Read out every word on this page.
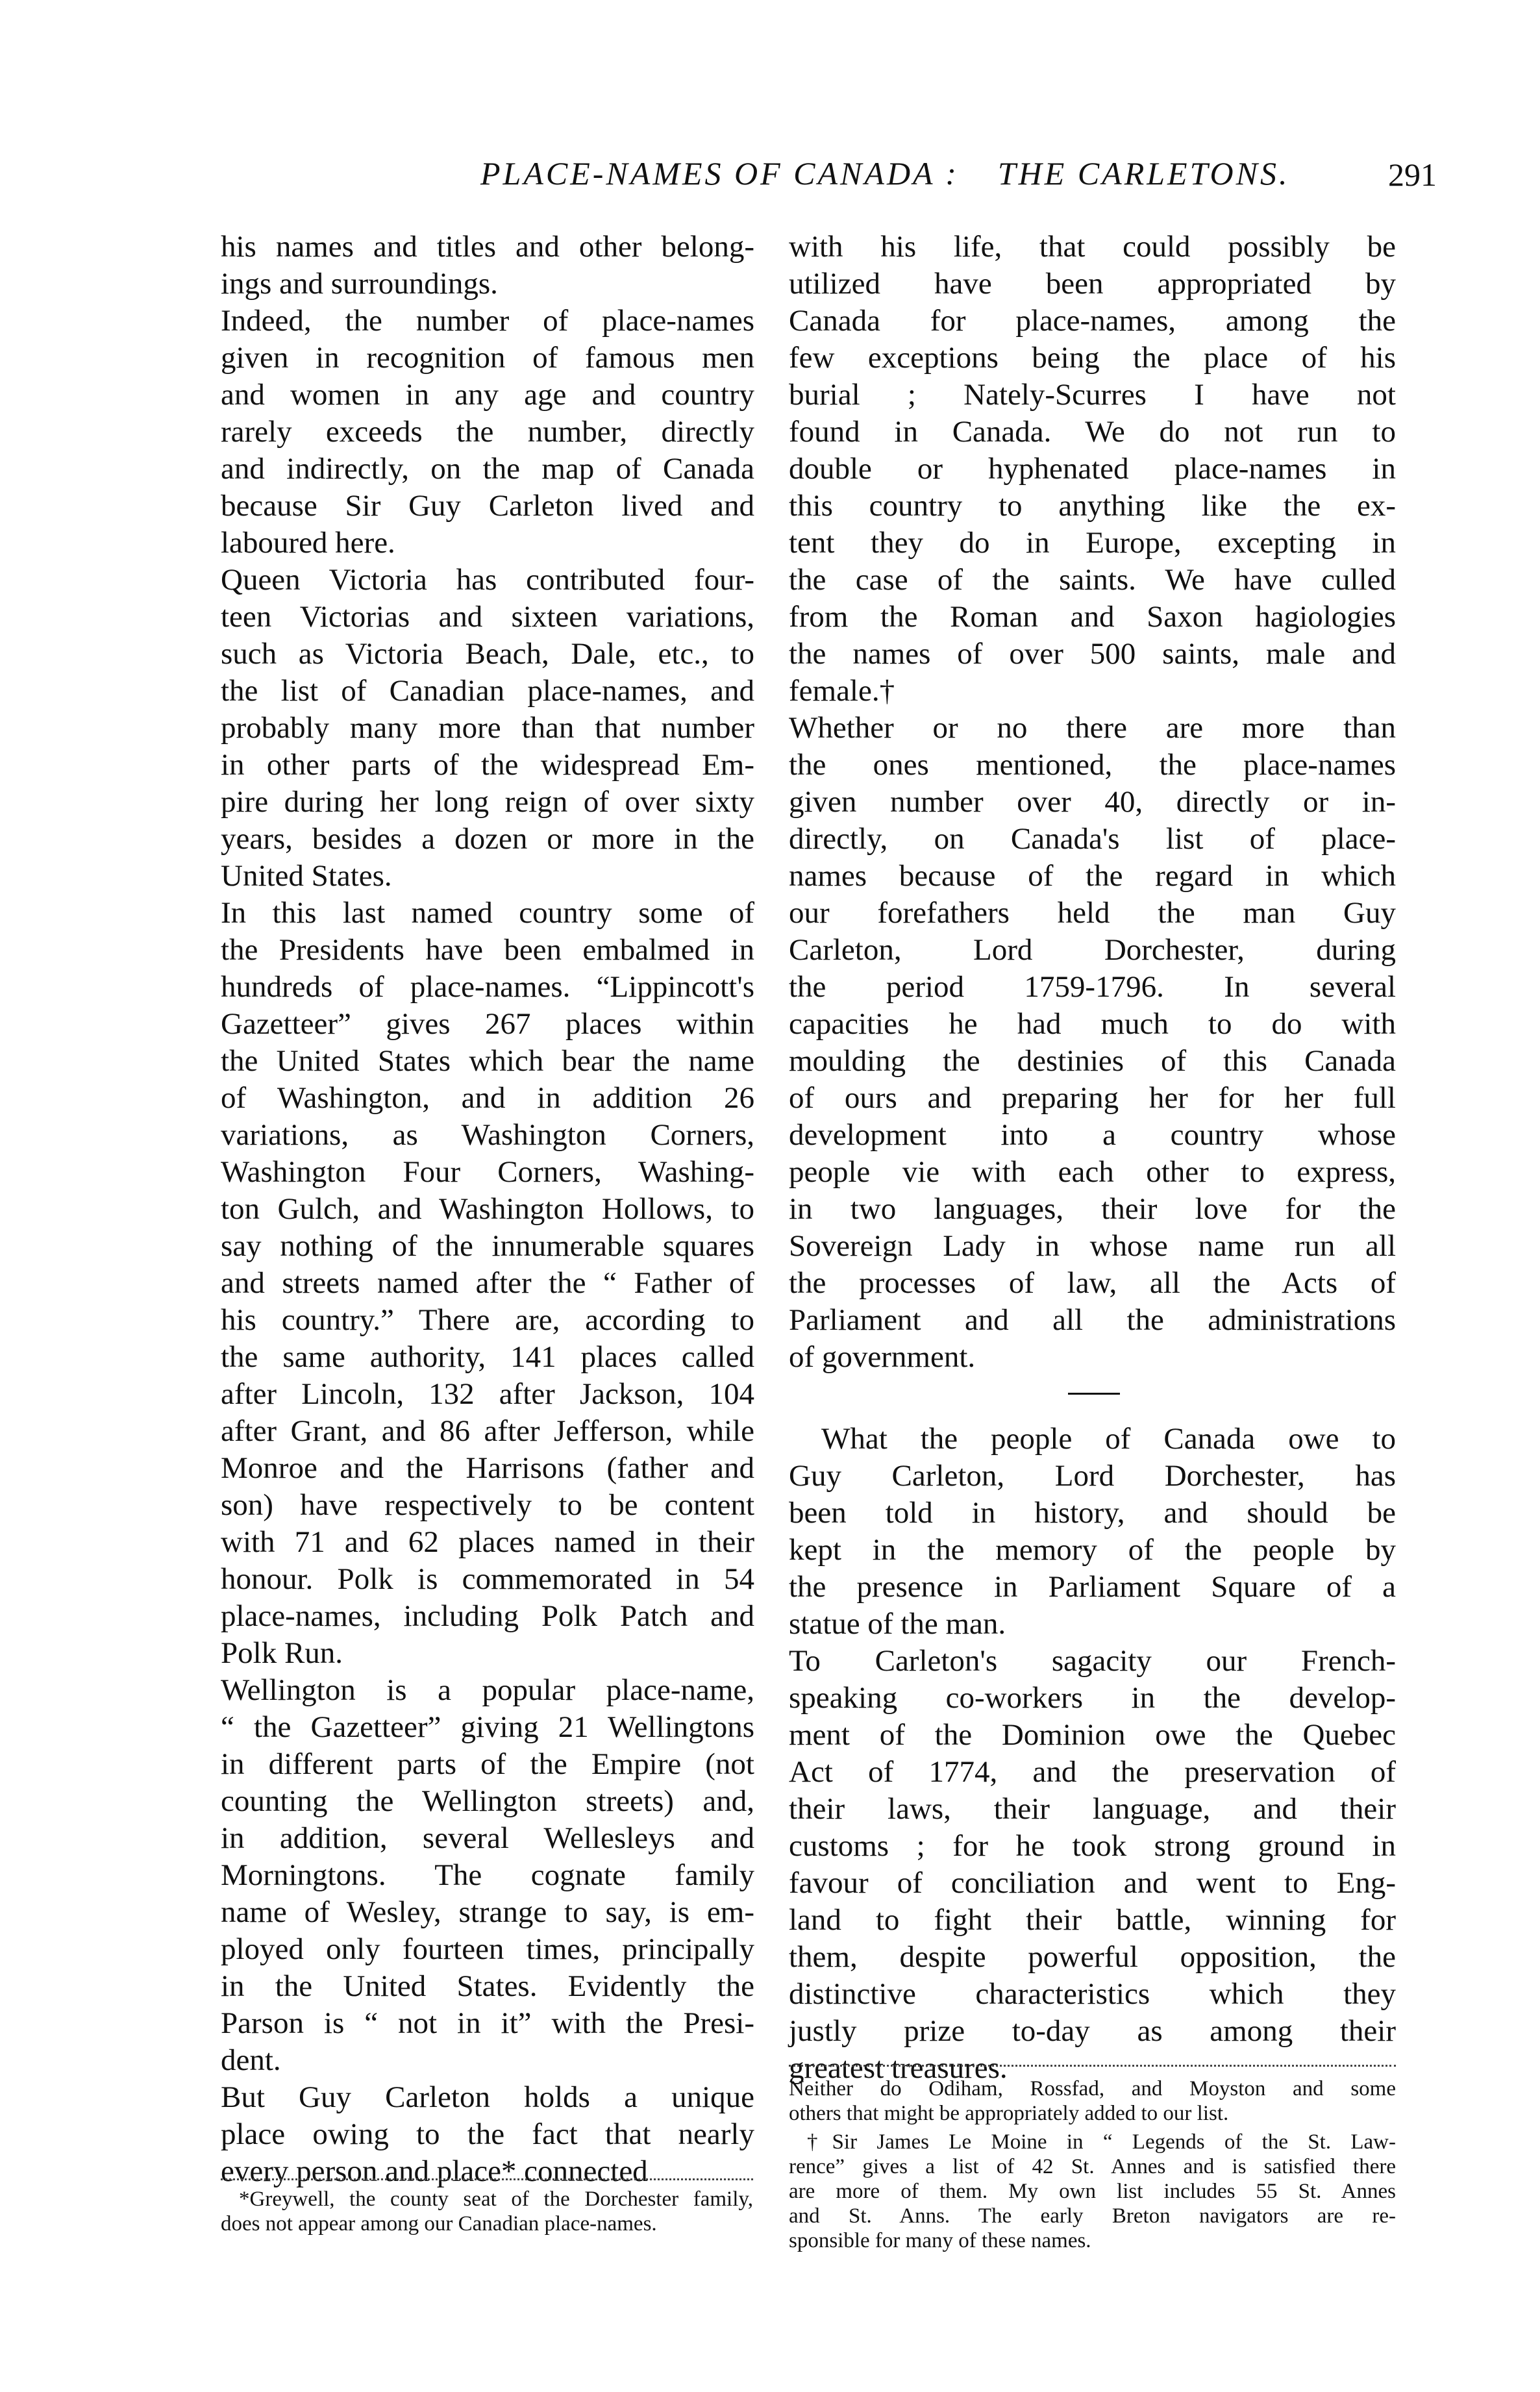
PLACE-NAMES OF CANADA : THE CARLETONS.	291
his names and titles and other belong-
ings and surroundings.
Indeed, the number of place-names
given in recognition of famous men
and women in any age and country
rarely exceeds the number, directly
and indirectly, on the map of Canada
because Sir Guy Carleton lived and
laboured here.
Queen Victoria has contributed four-
teen Victorias and sixteen variations,
such as Victoria Beach, Dale, etc., to
the list of Canadian place-names, and
probably many more than that number
in other parts of the widespread Em-
pire during her long reign of over sixty
years, besides a dozen or more in the
United States.
In this last named country some of
the Presidents have been embalmed in
hundreds of place-names. “Lippincott's
Gazetteer” gives 267 places within
the United States which bear the name
of Washington, and in addition 26
variations, as Washington Corners,
Washington Four Corners, Washing-
ton Gulch, and Washington Hollows, to
say nothing of the innumerable squares
and streets named after the “ Father of
his country.” There are, according to
the same authority, 141 places called
after Lincoln, 132 after Jackson, 104
after Grant, and 86 after Jefferson, while
Monroe and the Harrisons (father and
son) have respectively to be content
with 71 and 62 places named in their
honour. Polk is commemorated in 54
place-names, including Polk Patch and
Polk Run.
Wellington is a popular place-name,
“ the Gazetteer” giving 21 Wellingtons
in different parts of the Empire (not
counting the Wellington streets) and,
in addition, several Wellesleys and
Morningtons. The cognate family
name of Wesley, strange to say, is em-
ployed only fourteen times, principally
in the United States. Evidently the
Parson is “ not in it” with the Presi-
dent.
But Guy Carleton holds a unique
place owing to the fact that nearly
every person and place* connected
with his life, that could possibly be
utilized have been appropriated by
Canada for place-names, among the
few exceptions being the place of his
burial ; Nately-Scurres I have not
found in Canada. We do not run to
double or hyphenated place-names in
this country to anything like the ex-
tent they do in Europe, excepting in
the case of the saints. We have culled
from the Roman and Saxon hagiologies
the names of over 500 saints, male and
female.†
Whether or no there are more than
the ones mentioned, the place-names
given number over 40, directly or in-
directly, on Canada's list of place-
names because of the regard in which
our forefathers held the man Guy
Carleton, Lord Dorchester, during
the period 1759-1796. In several
capacities he had much to do with
moulding the destinies of this Canada
of ours and preparing her for her full
development into a country whose
people vie with each other to express,
in two languages, their love for the
Sovereign Lady in whose name run all
the processes of law, all the Acts of
Parliament and all the administrations
of government.
What the people of Canada owe to
Guy Carleton, Lord Dorchester, has
been told in history, and should be
kept in the memory of the people by
the presence in Parliament Square of a
statue of the man.
To Carleton's sagacity our French-
speaking co-workers in the develop-
ment of the Dominion owe the Quebec
Act of 1774, and the preservation of
their laws, their language, and their
customs ; for he took strong ground in
favour of conciliation and went to Eng-
land to fight their battle, winning for
them, despite powerful opposition, the
distinctive characteristics which they
justly prize to-day as among their
greatest treasures.
*Greywell, the county seat of the Dorchester family,
does not appear among our Canadian place-names.
Neither do Odiham, Rossfad, and Moyston and some
others that might be appropriately added to our list.
†Sir James Le Moine in “ Legends of the St. Law-
rence” gives a list of 42 St. Annes and is satisfied there
are more of them. My own list includes 55 St. Annes
and St. Anns. The early Breton navigators are re-
sponsible for many of these names.
